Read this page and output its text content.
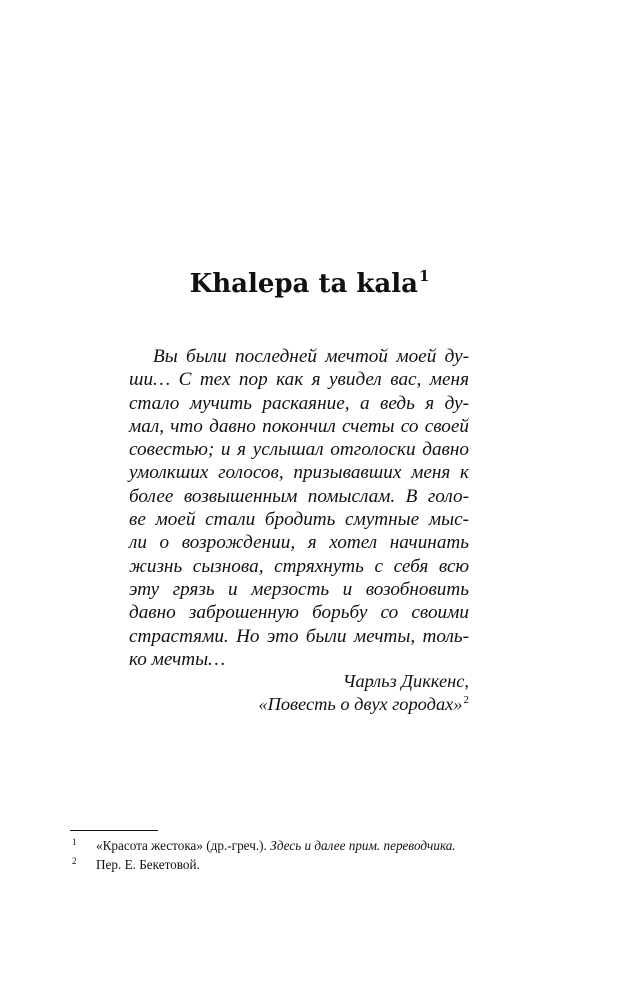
Khalepa ta kala$^1$
Вы были последней мечтой моей ду-
ши… С тех пор как я увидел вас, меня
стало мучить раскаяние, а ведь я ду-
мал, что давно покончил счеты со своей
совестью; и я услышал отголоски давно
умолкших голосов, призывавших меня к
более возвышенным помыслам. В голо-
ве моей стали бродить смутные мыс-
ли о возрождении, я хотел начинать
жизнь сызнова, стряхнуть с себя всю
эту грязь и мерзость и возобновить
давно заброшенную борьбу со своими
страстями. Но это были мечты, толь-
ко мечты…
Чарльз Диккенс,
«Повесть о двух городах»$^2$
1 «Красота жестока» (др.-греч.). Здесь и далее прим. переводчика.
2 Пер. Е. Бекетовой.
